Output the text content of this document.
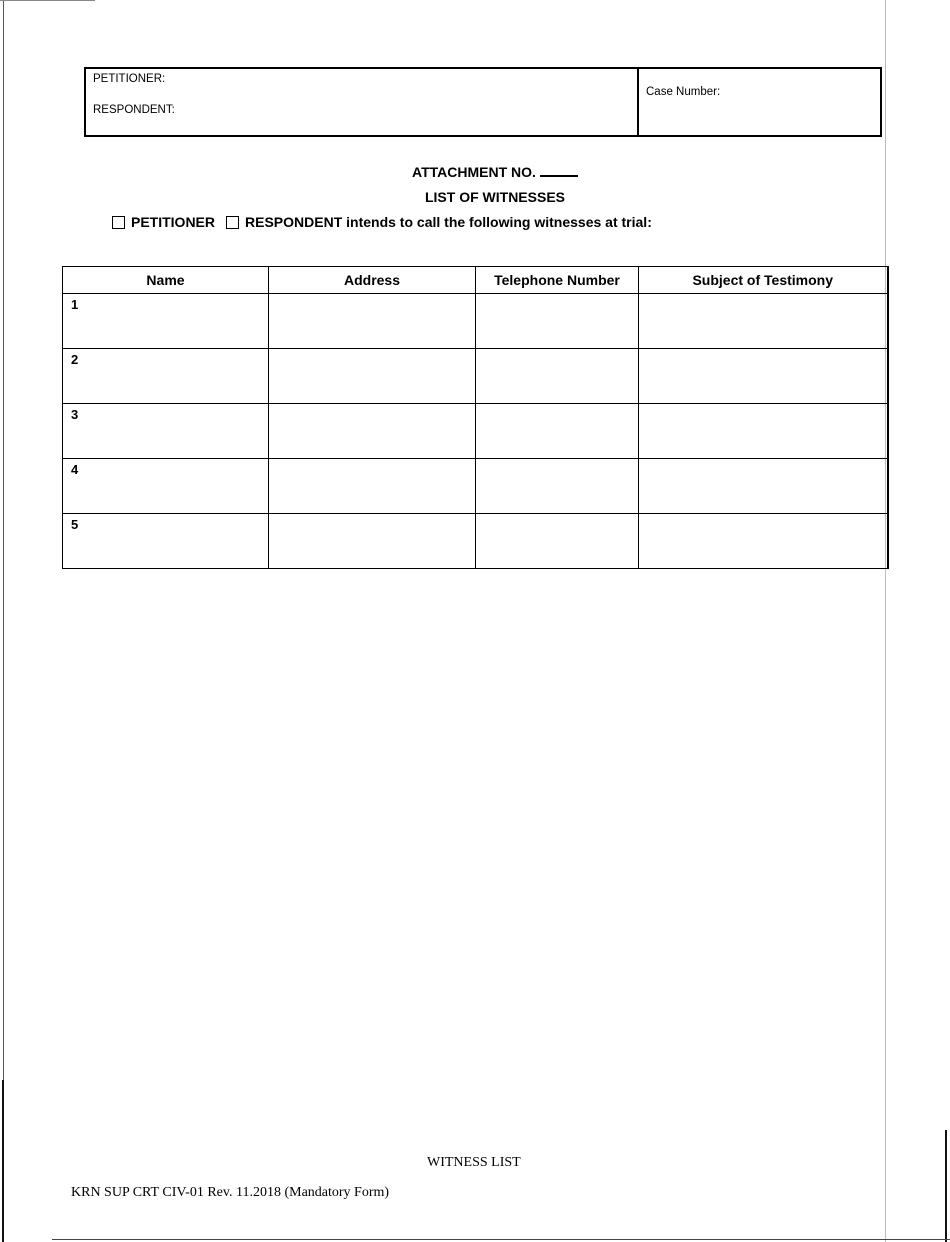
PETITIONER:
RESPONDENT:
Case Number:
ATTACHMENT NO.
LIST OF WITNESSES
PETITIONER RESPONDENT
intends to call the following witnesses at trial:
Name	Address	Telephone Number	Subject of Testimony
1			
2			
3			
4			
5			
WITNESS LIST
KRN SUP CRT CIV-01 Rev. 11.2018 (Mandatory Form)
